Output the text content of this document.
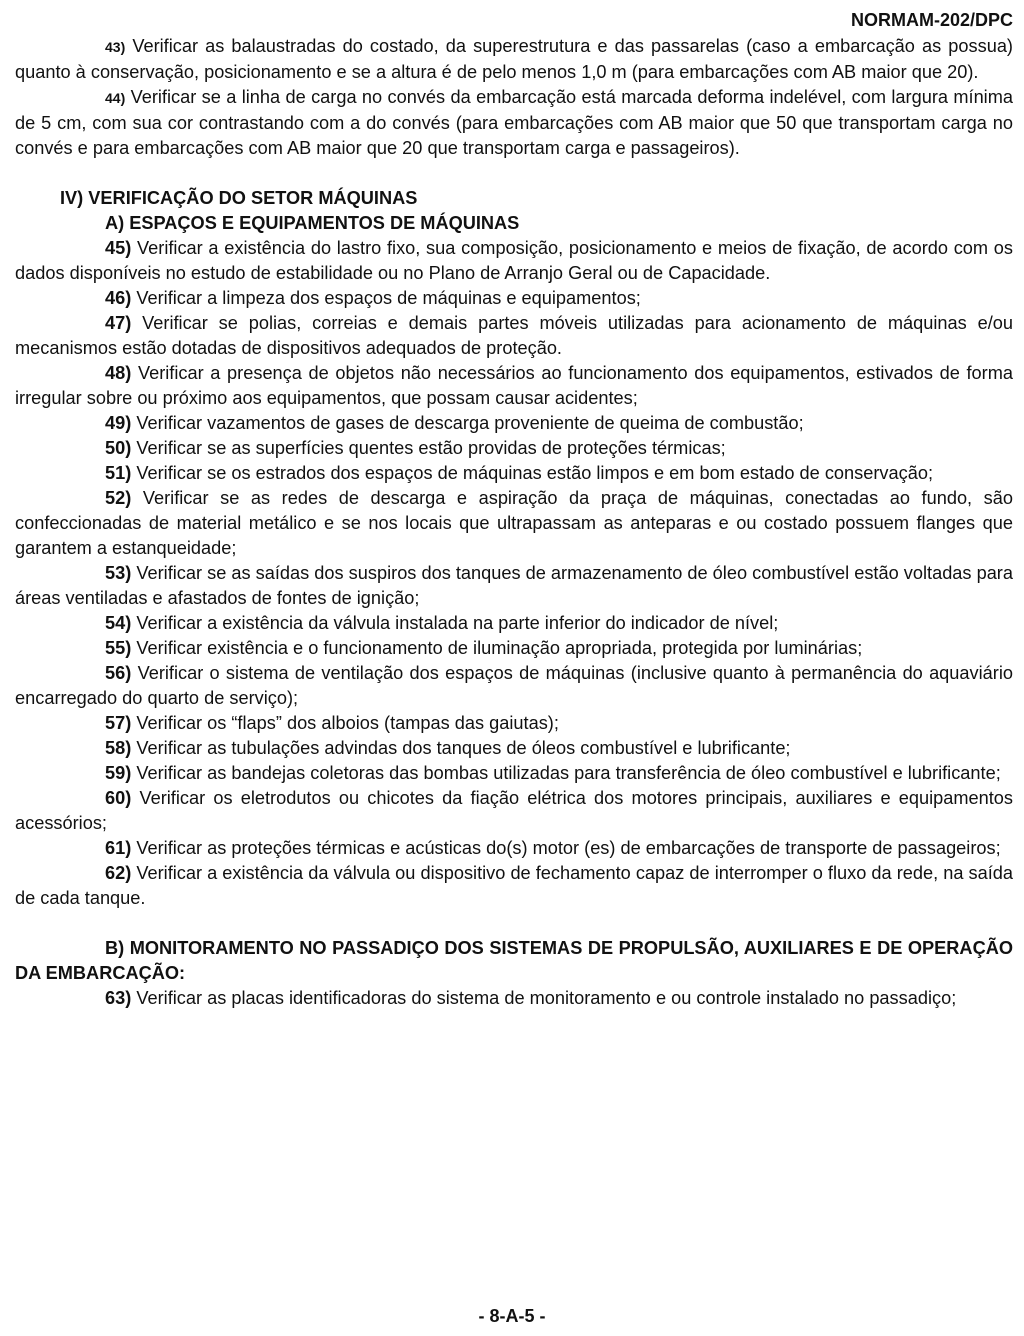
NORMAM-202/DPC

43) Verificar as balaustradas do costado, da superestrutura e das passarelas (caso a embarcação as possua) quanto à conservação, posicionamento e se a altura é de pelo menos 1,0 m (para embarcações com AB maior que 20).

44) Verificar se a linha de carga no convés da embarcação está marcada deforma indelével, com largura mínima de 5 cm, com sua cor contrastando com a do convés (para embarcações com AB maior que 50 que transportam carga no convés e para embarcações com AB maior que 20 que transportam carga e passageiros).

IV) VERIFICAÇÃO DO SETOR MÁQUINAS

A) ESPAÇOS E EQUIPAMENTOS DE MÁQUINAS

45) Verificar a existência do lastro fixo, sua composição, posicionamento e meios de fixação, de acordo com os dados disponíveis no estudo de estabilidade ou no Plano de Arranjo Geral ou de Capacidade.

46) Verificar a limpeza dos espaços de máquinas e equipamentos;

47) Verificar se polias, correias e demais partes móveis utilizadas para acionamento de máquinas e/ou mecanismos estão dotadas de dispositivos adequados de proteção.

48) Verificar a presença de objetos não necessários ao funcionamento dos equipamentos, estivados de forma irregular sobre ou próximo aos equipamentos, que possam causar acidentes;

49) Verificar vazamentos de gases de descarga proveniente de queima de combustão;

50) Verificar se as superfícies quentes estão providas de proteções térmicas;

51) Verificar se os estrados dos espaços de máquinas estão limpos e em bom estado de conservação;

52) Verificar se as redes de descarga e aspiração da praça de máquinas, conectadas ao fundo, são confeccionadas de material metálico e se nos locais que ultrapassam as anteparas e ou costado possuem flanges que garantem a estanqueidade;

53) Verificar se as saídas dos suspiros dos tanques de armazenamento de óleo combustível estão voltadas para áreas ventiladas e afastados de fontes de ignição;

54) Verificar a existência da válvula instalada na parte inferior do indicador de nível;

55) Verificar existência e o funcionamento de iluminação apropriada, protegida por luminárias;

56) Verificar o sistema de ventilação dos espaços de máquinas (inclusive quanto à permanência do aquaviário encarregado do quarto de serviço);

57) Verificar os “flaps” dos alboios (tampas das gaiutas);

58) Verificar as tubulações advindas dos tanques de óleos combustível e lubrificante;

59) Verificar as bandejas coletoras das bombas utilizadas para transferência de óleo combustível e lubrificante;

60) Verificar os eletrodutos ou chicotes da fiação elétrica dos motores principais, auxiliares e equipamentos acessórios;

61) Verificar as proteções térmicas e acústicas do(s) motor (es) de embarcações de transporte de passageiros;

62) Verificar a existência da válvula ou dispositivo de fechamento capaz de interromper o fluxo da rede, na saída de cada tanque.

B) MONITORAMENTO NO PASSADIÇO DOS SISTEMAS DE PROPULSÃO, AUXILIARES E DE OPERAÇÃO DA EMBARCAÇÃO:

63) Verificar as placas identificadoras do sistema de monitoramento e ou controle instalado no passadiço;

- 8-A-5 -
